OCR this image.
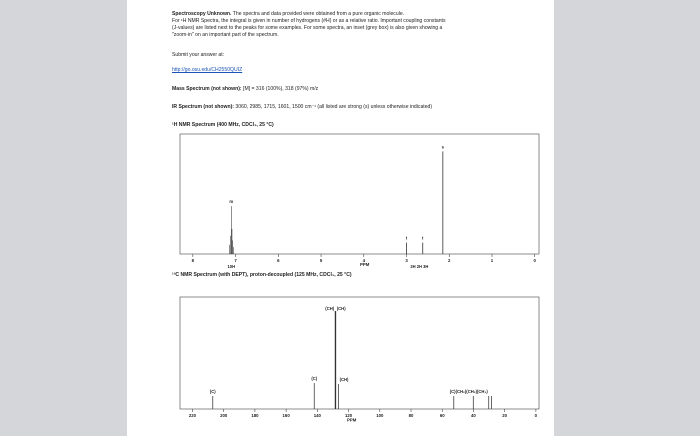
Spectroscopy Unknown. The spectra and data provided were obtained from a pure organic molecule.

For ¹H NMR Spectra, the integral is given in number of hydrogens (#H) or as a relative ratio. Important coupling constants

(J-values) are listed next to the peaks for some examples. For some spectra, an inset (grey box) is also given showing a

"zoom-in" on an important part of the spectrum.

Submit your answer at:

http://go.osu.edu/CH2550QUIZ

Mass Spectrum (not shown): [M] = 316 (100%), 318 (97%) m/z

IR Spectrum (not shown): 3060, 2985, 1715, 1601, 1500 cm⁻¹ (all listed are strong (s) unless otherwise indicated)

¹H NMR Spectrum (400 MHz, CDCl₃, 25 °C)

m
t	t
s
8	7	6	5	4	3	2	1	0
PPM
10H	2H 2H 3H

¹³C NMR Spectrum (with DEPT), proton-decoupled (125 MHz, CDCl₃, 25 °C)

(C)
(C)
(CH) (CH)
(CH)
(C) (CH₂) (CH₂) (CH₃)
220	200	180	160	140	120	100	80	60	40	20	0
PPM
